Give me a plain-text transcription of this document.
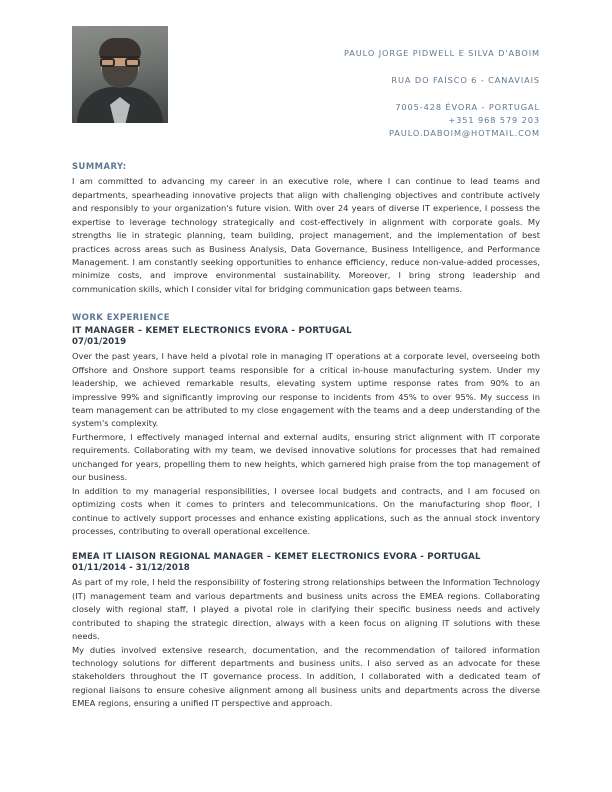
PAULO JORGE PIDWELL E SILVA D'ABOIM
RUA DO FAÍSCO 6 - CANAVIAIS
7005-428 ÉVORA - PORTUGAL
+351 968 579 203
PAULO.DABOIM@HOTMAIL.COM
SUMMARY:
I am committed to advancing my career in an executive role, where I can continue to lead teams and departments, spearheading innovative projects that align with challenging objectives and contribute actively and responsibly to your organization's future vision. With over 24 years of diverse IT experience, I possess the expertise to leverage technology strategically and cost-effectively in alignment with corporate goals. My strengths lie in strategic planning, team building, project management, and the implementation of best practices across areas such as Business Analysis, Data Governance, Business Intelligence, and Performance Management. I am constantly seeking opportunities to enhance efficiency, reduce non-value-added processes, minimize costs, and improve environmental sustainability. Moreover, I bring strong leadership and communication skills, which I consider vital for bridging communication gaps between teams.
WORK EXPERIENCE
IT MANAGER – KEMET ELECTRONICS EVORA - PORTUGAL
07/01/2019

Over the past years, I have held a pivotal role in managing IT operations at a corporate level, overseeing both Offshore and Onshore support teams responsible for a critical in-house manufacturing system. Under my leadership, we achieved remarkable results, elevating system uptime response rates from 90% to an impressive 99% and significantly improving our response to incidents from 45% to over 95%. My success in team management can be attributed to my close engagement with the teams and a deep understanding of the system's complexity.

Furthermore, I effectively managed internal and external audits, ensuring strict alignment with IT corporate requirements. Collaborating with my team, we devised innovative solutions for processes that had remained unchanged for years, propelling them to new heights, which garnered high praise from the top management of our business.

In addition to my managerial responsibilities, I oversee local budgets and contracts, and I am focused on optimizing costs when it comes to printers and telecommunications. On the manufacturing shop floor, I continue to actively support processes and enhance existing applications, such as the annual stock inventory processes, contributing to overall operational excellence.

EMEA IT LIAISON REGIONAL MANAGER – KEMET ELECTRONICS EVORA - PORTUGAL
01/11/2014 - 31/12/2018

As part of my role, I held the responsibility of fostering strong relationships between the Information Technology (IT) management team and various departments and business units across the EMEA regions. Collaborating closely with regional staff, I played a pivotal role in clarifying their specific business needs and actively contributed to shaping the strategic direction, always with a keen focus on aligning IT solutions with these needs.

My duties involved extensive research, documentation, and the recommendation of tailored information technology solutions for different departments and business units. I also served as an advocate for these stakeholders throughout the IT governance process. In addition, I collaborated with a dedicated team of regional liaisons to ensure cohesive alignment among all business units and departments across the diverse EMEA regions, ensuring a unified IT perspective and approach.
